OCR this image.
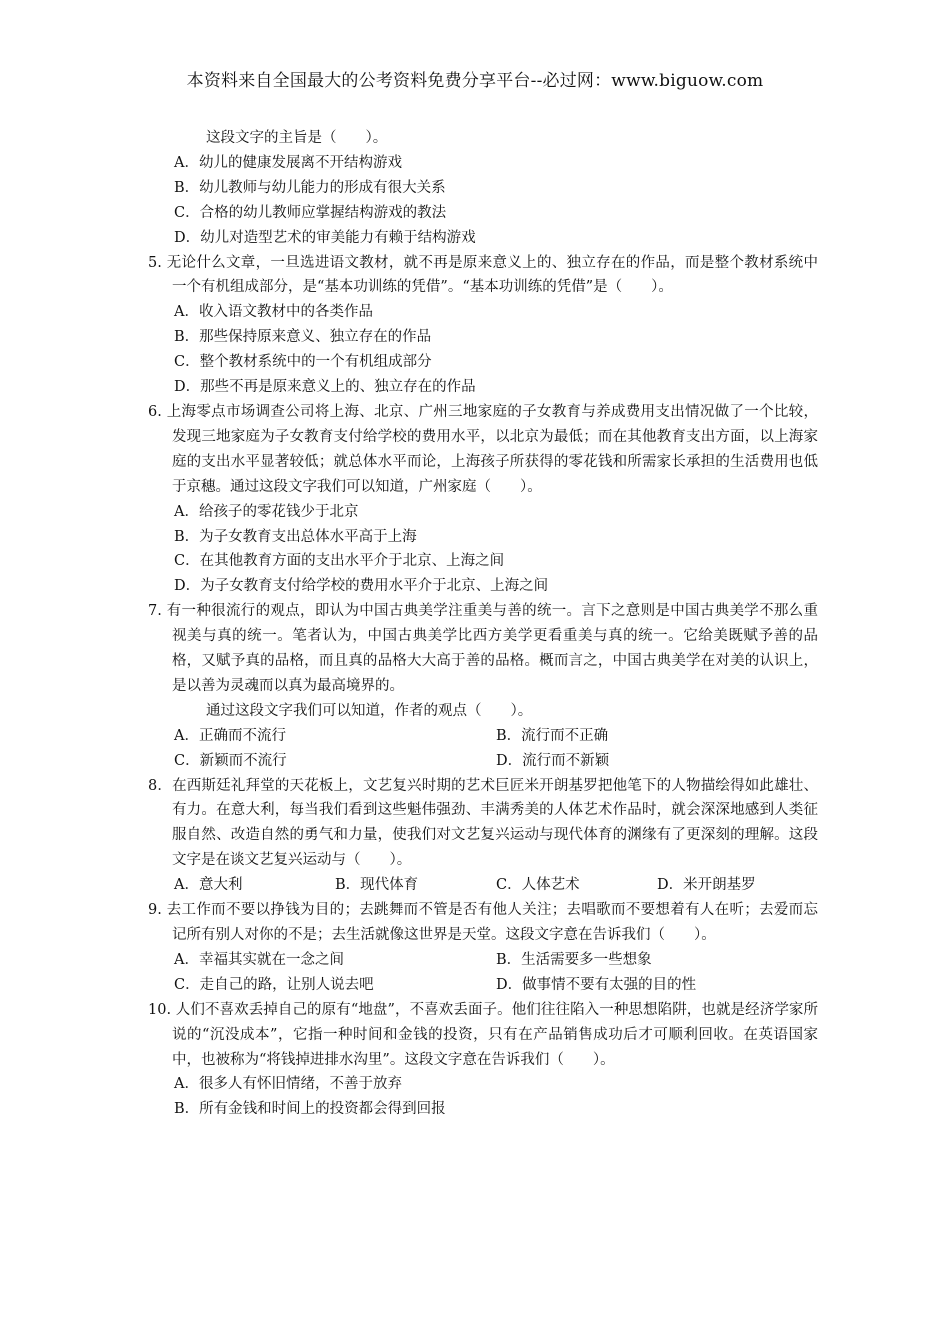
本资料来自全国最大的公考资料免费分享平台--必过网：www.biguow.com
这段文字的主旨是（　　）。
A．幼儿的健康发展离不开结构游戏
B．幼儿教师与幼儿能力的形成有很大关系
C．合格的幼儿教师应掌握结构游戏的教法
D．幼儿对造型艺术的审美能力有赖于结构游戏
5. 无论什么文章，一旦选进语文教材，就不再是原来意义上的、独立存在的作品，而是整个教材系统中一个有机组成部分，是“基本功训练的凭借”。“基本功训练的凭借”是（　　）。
A．收入语文教材中的各类作品
B．那些保持原来意义、独立存在的作品
C．整个教材系统中的一个有机组成部分
D．那些不再是原来意义上的、独立存在的作品
6. 上海零点市场调查公司将上海、北京、广州三地家庭的子女教育与养成费用支出情况做了一个比较，发现三地家庭为子女教育支付给学校的费用水平，以北京为最低；而在其他教育支出方面，以上海家庭的支出水平显著较低；就总体水平而论，上海孩子所获得的零花钱和所需家长承担的生活费用也低于京穗。通过这段文字我们可以知道，广州家庭（　　）。
A．给孩子的零花钱少于北京
B．为子女教育支出总体水平高于上海
C．在其他教育方面的支出水平介于北京、上海之间
D．为子女教育支付给学校的费用水平介于北京、上海之间
7. 有一种很流行的观点，即认为中国古典美学注重美与善的统一。言下之意则是中国古典美学不那么重视美与真的统一。笔者认为，中国古典美学比西方美学更看重美与真的统一。它给美既赋予善的品格，又赋予真的品格，而且真的品格大大高于善的品格。概而言之，中国古典美学在对美的认识上，是以善为灵魂而以真为最高境界的。
通过这段文字我们可以知道，作者的观点（　　）。
A．正确而不流行	B．流行而不正确
C．新颖而不流行	D．流行而不新颖
8．在西斯廷礼拜堂的天花板上，文艺复兴时期的艺术巨匠米开朗基罗把他笔下的人物描绘得如此雄壮、有力。在意大利，每当我们看到这些魁伟强劲、丰满秀美的人体艺术作品时，就会深深地感到人类征服自然、改造自然的勇气和力量，使我们对文艺复兴运动与现代体育的渊缘有了更深刻的理解。这段文字是在谈文艺复兴运动与（　　）。
A．意大利	B．现代体育	C．人体艺术	D．米开朗基罗
9. 去工作而不要以挣钱为目的；去跳舞而不管是否有他人关注；去唱歌而不要想着有人在听；去爱而忘记所有别人对你的不是；去生活就像这世界是天堂。这段文字意在告诉我们（　　）。
A．幸福其实就在一念之间	B．生活需要多一些想象
C．走自己的路，让别人说去吧	D．做事情不要有太强的目的性
10. 人们不喜欢丢掉自己的原有“地盘”，不喜欢丢面子。他们往往陷入一种思想陷阱，也就是经济学家所说的“沉没成本”，它指一种时间和金钱的投资，只有在产品销售成功后才可顺利回收。在英语国家中，也被称为“将钱掉进排水沟里”。这段文字意在告诉我们（　　）。
A．很多人有怀旧情绪，不善于放弃
B．所有金钱和时间上的投资都会得到回报
